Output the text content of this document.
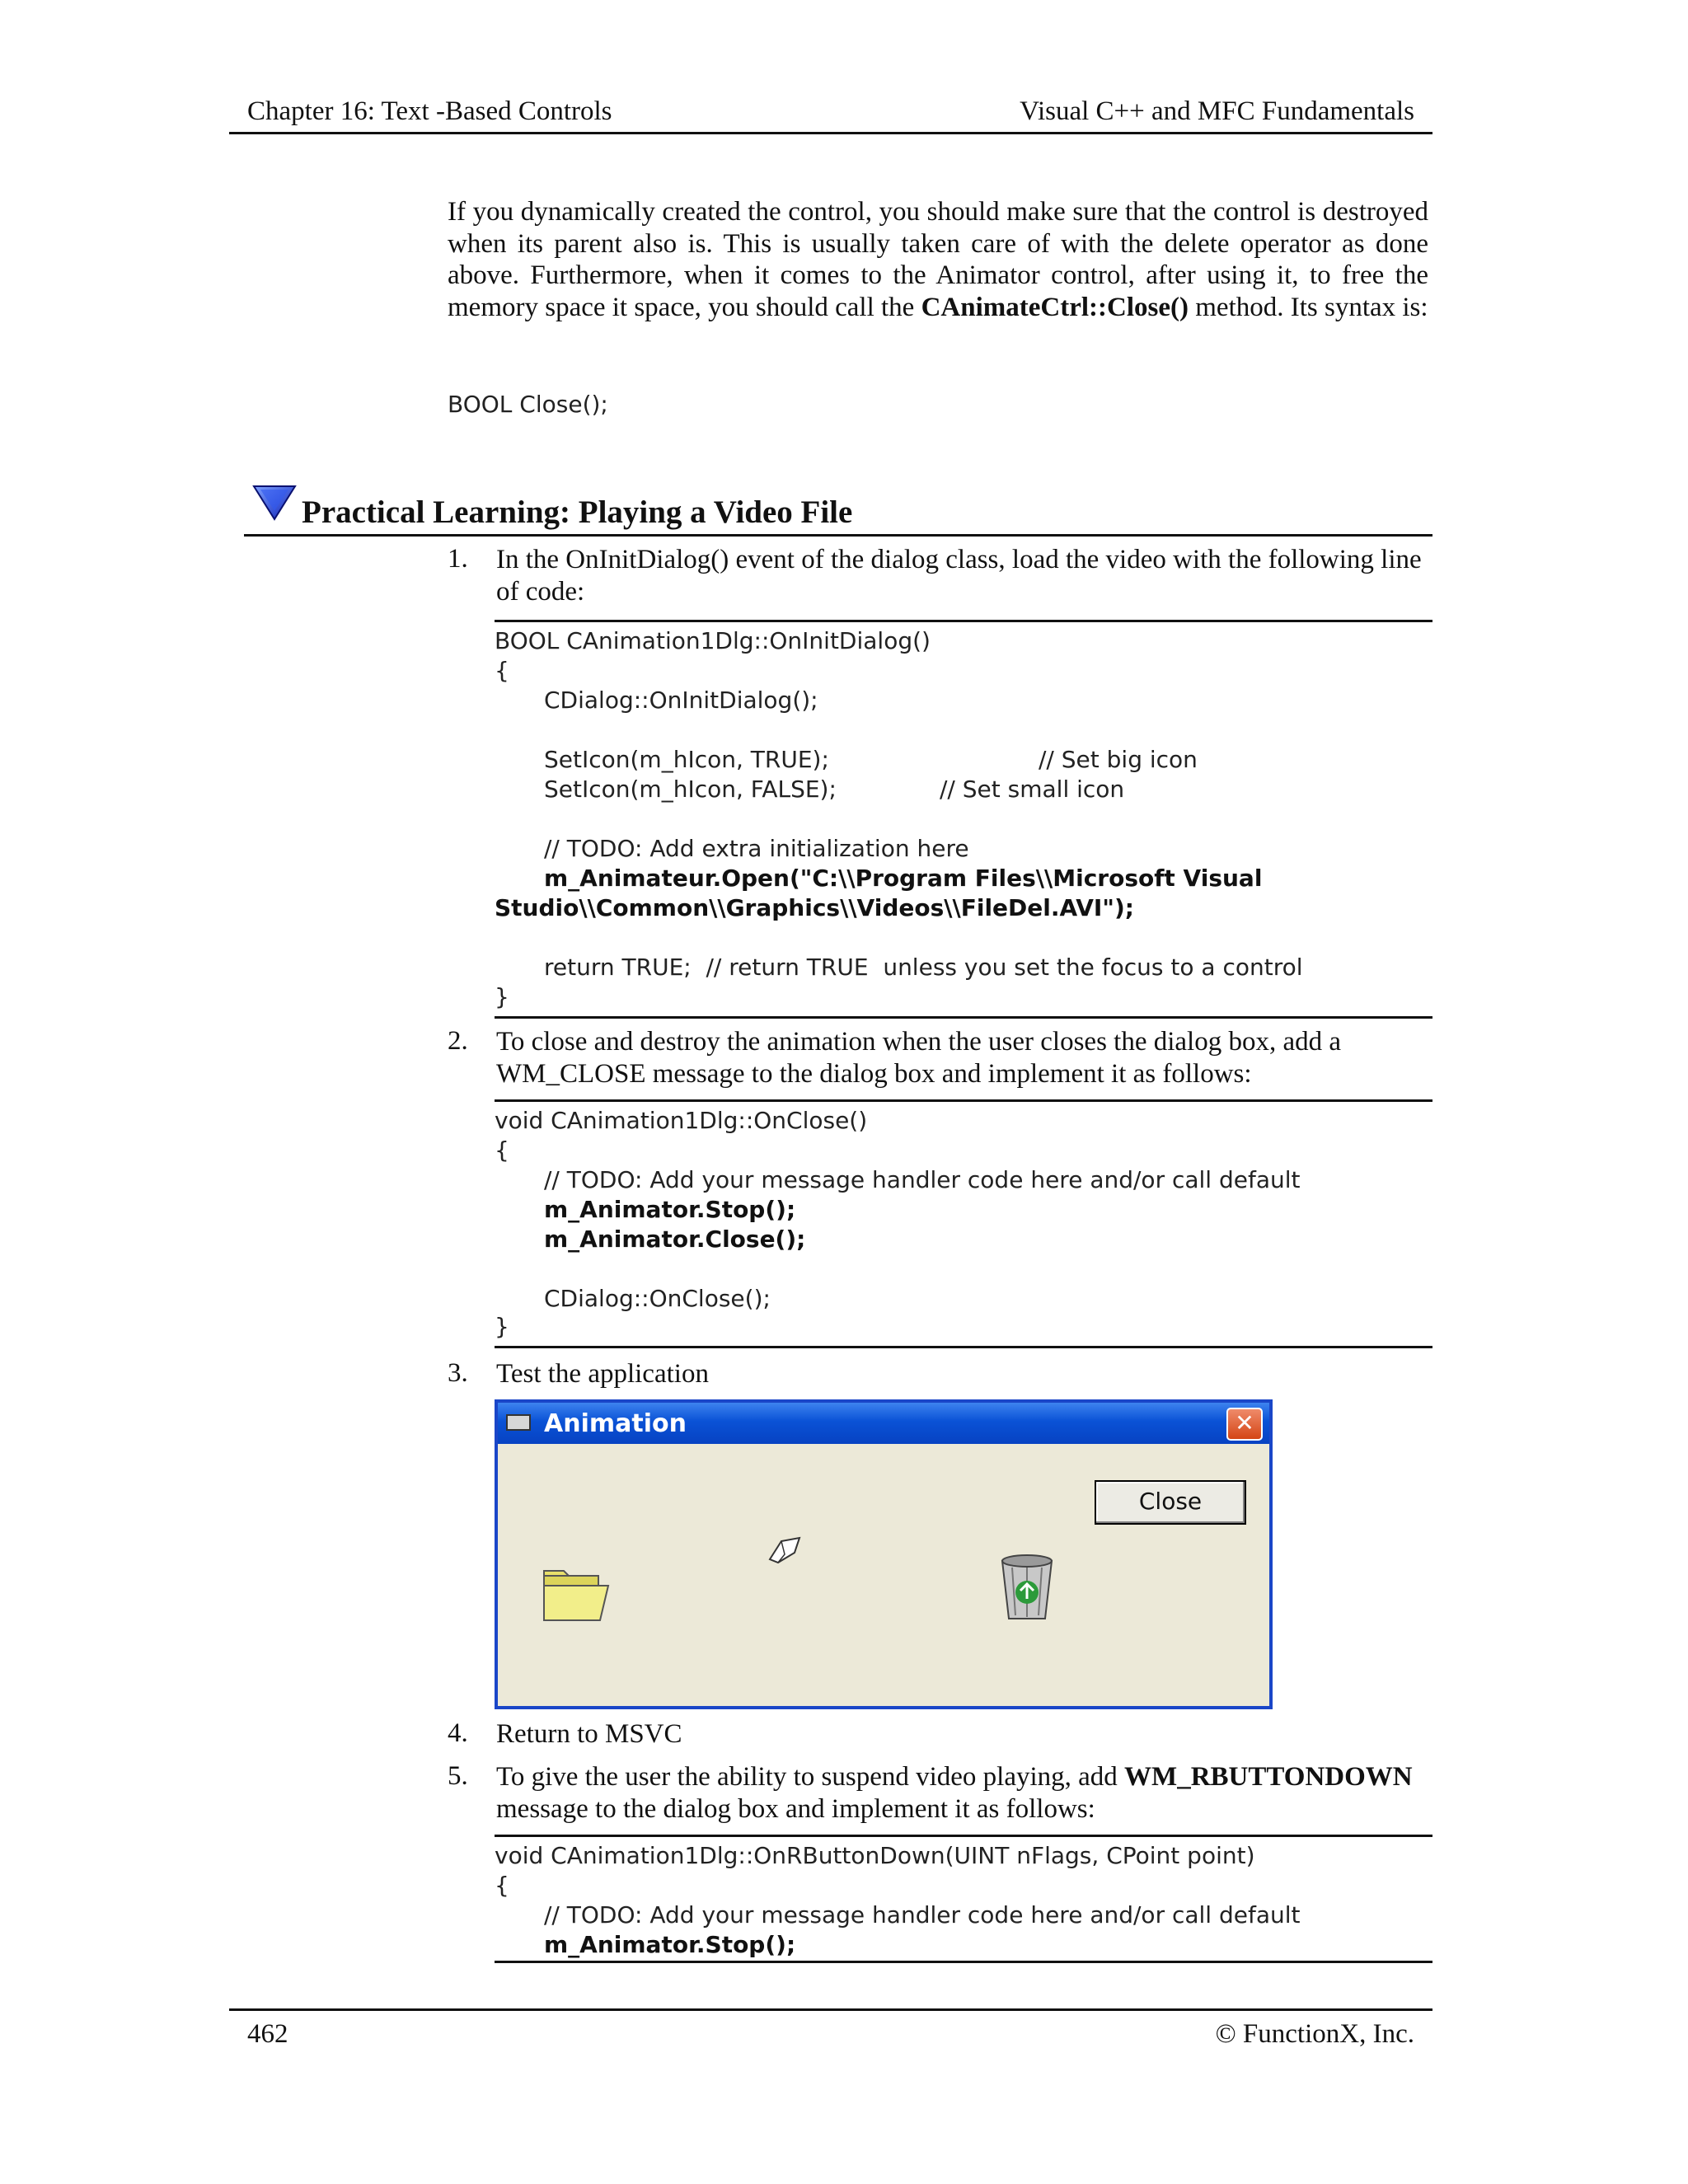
Chapter 16: Text -Based Controls	Visual C++ and MFC Fundamentals
If you dynamically created the control, you should make sure that the control is destroyed when its parent also is. This is usually taken care of with the delete operator as done above. Furthermore, when it comes to the Animator control, after using it, to free the memory space it space, you should call the CAnimateCtrl::Close() method. Its syntax is:
BOOL Close();
Practical Learning: Playing a Video File
1. In the OnInitDialog() event of the dialog class, load the video with the following line of code:
BOOL CAnimation1Dlg::OnInitDialog()
{
CDialog::OnInitDialog();
SetIcon(m_hIcon, TRUE);	// Set big icon
SetIcon(m_hIcon, FALSE);	// Set small icon
// TODO: Add extra initialization here
m_Animateur.Open("C:\\Program Files\\Microsoft Visual
Studio\\Common\\Graphics\\Videos\\FileDel.AVI");
return TRUE;  // return TRUE  unless you set the focus to a control
}
2. To close and destroy the animation when the user closes the dialog box, add a WM_CLOSE message to the dialog box and implement it as follows:
void CAnimation1Dlg::OnClose()
{
// TODO: Add your message handler code here and/or call default
m_Animator.Stop();
m_Animator.Close();
CDialog::OnClose();
}
3. Test the application
Animation	✕
Close
4. Return to MSVC
5. To give the user the ability to suspend video playing, add WM_RBUTTONDOWN message to the dialog box and implement it as follows:
void CAnimation1Dlg::OnRButtonDown(UINT nFlags, CPoint point)
{
// TODO: Add your message handler code here and/or call default
m_Animator.Stop();
462	© FunctionX, Inc.
